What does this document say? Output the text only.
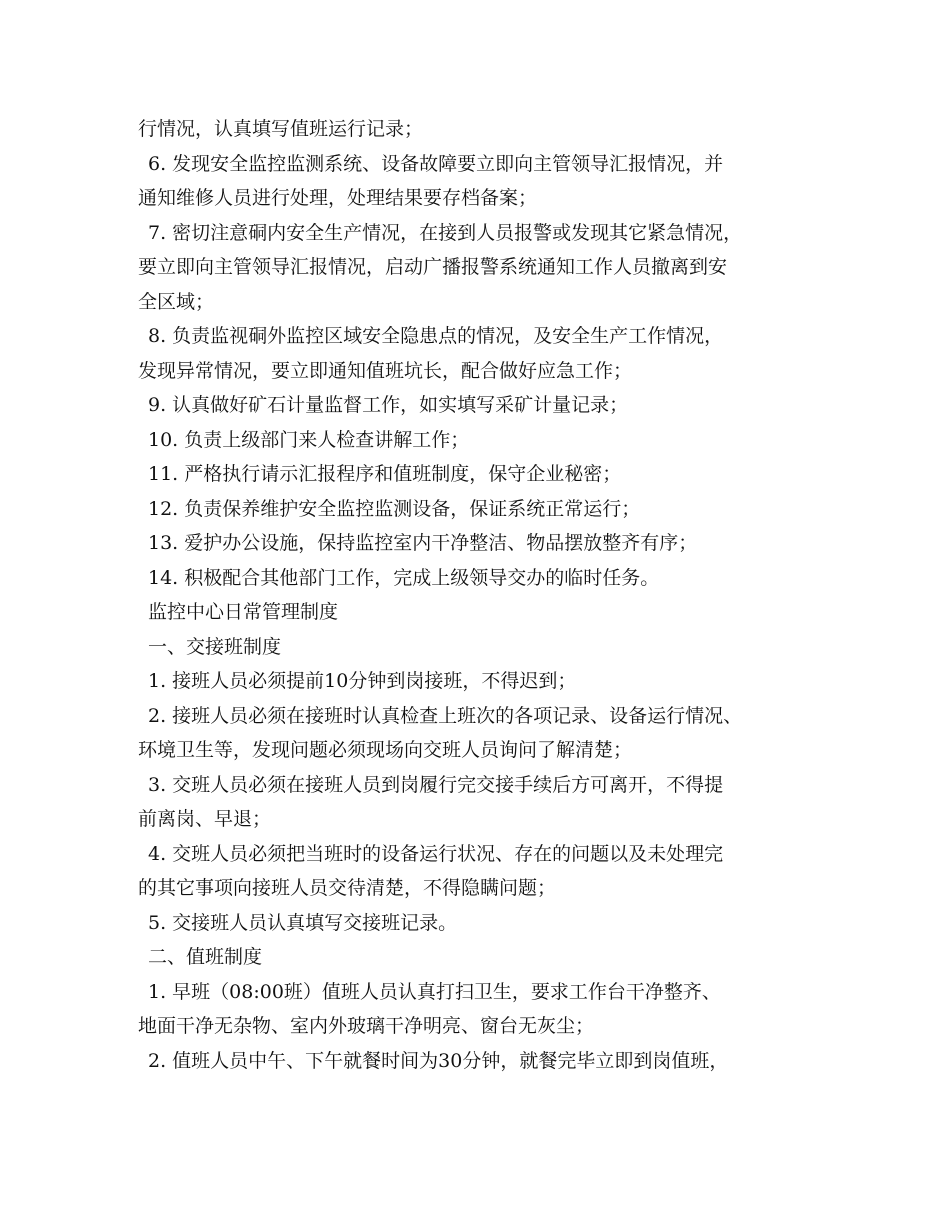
行情况，认真填写值班运行记录；

6. 发现安全监控监测系统、设备故障要立即向主管领导汇报情况，并

通知维修人员进行处理，处理结果要存档备案；

7. 密切注意硐内安全生产情况，在接到人员报警或发现其它紧急情况，

要立即向主管领导汇报情况，启动广播报警系统通知工作人员撤离到安

全区域；

8. 负责监视硐外监控区域安全隐患点的情况，及安全生产工作情况，

发现异常情况，要立即通知值班坑长，配合做好应急工作；

9. 认真做好矿石计量监督工作，如实填写采矿计量记录；

10. 负责上级部门来人检查讲解工作；

11. 严格执行请示汇报程序和值班制度，保守企业秘密；

12. 负责保养维护安全监控监测设备，保证系统正常运行；

13. 爱护办公设施，保持监控室内干净整洁、物品摆放整齐有序；

14. 积极配合其他部门工作，完成上级领导交办的临时任务。

监控中心日常管理制度

一、交接班制度

1. 接班人员必须提前10分钟到岗接班，不得迟到；

2. 接班人员必须在接班时认真检查上班次的各项记录、设备运行情况、

环境卫生等，发现问题必须现场向交班人员询问了解清楚；

3. 交班人员必须在接班人员到岗履行完交接手续后方可离开，不得提

前离岗、早退；

4. 交班人员必须把当班时的设备运行状况、存在的问题以及未处理完

的其它事项向接班人员交待清楚，不得隐瞒问题；

5. 交接班人员认真填写交接班记录。

二、值班制度

1. 早班（08:00班）值班人员认真打扫卫生，要求工作台干净整齐、

地面干净无杂物、室内外玻璃干净明亮、窗台无灰尘；

2. 值班人员中午、下午就餐时间为30分钟，就餐完毕立即到岗值班，
